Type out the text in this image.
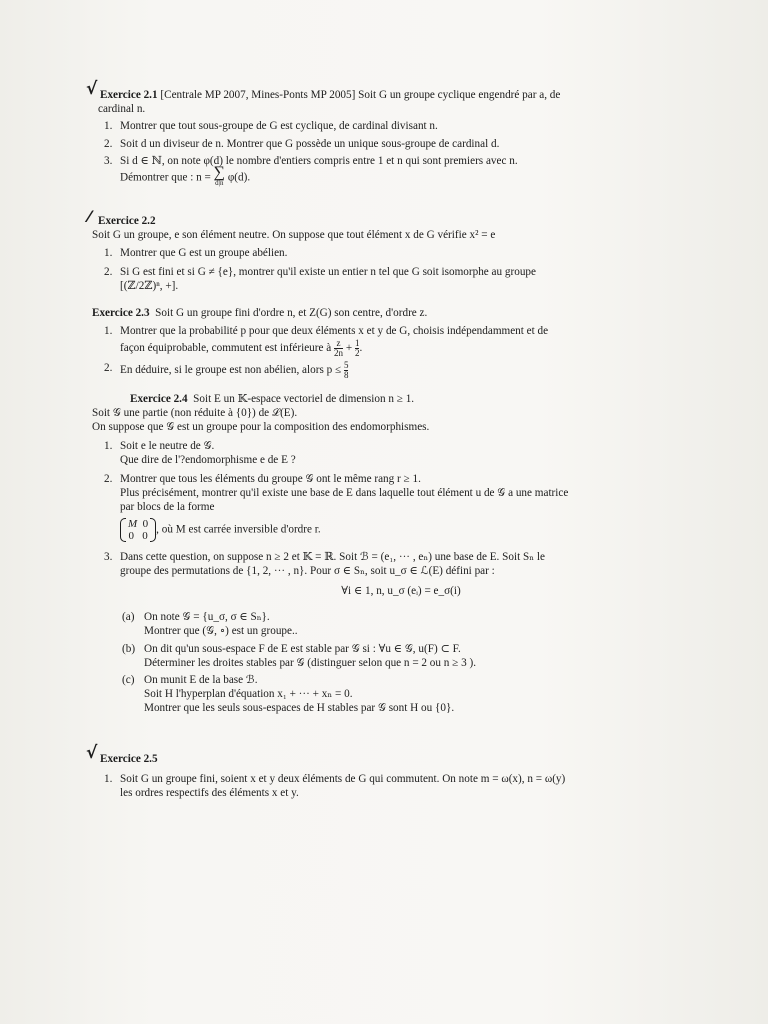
√ Exercice 2.1 [Centrale MP 2007, Mines-Ponts MP 2005] Soit G un groupe cyclique engendré par a, de
cardinal n.
1. Montrer que tout sous-groupe de G est cyclique, de cardinal divisant n.
2. Soit d un diviseur de n. Montrer que G possède un unique sous-groupe de cardinal d.
3. Si d ∈ ℕ, on note φ(d) le nombre d'entiers compris entre 1 et n qui sont premiers avec n.
Démontrer que : n = ∑
d|n φ(d).
⁄ Exercice 2.2
Soit G un groupe, e son élément neutre. On suppose que tout élément x de G vérifie x² = e
1. Montrer que G est un groupe abélien.
2. Si G est fini et si G ≠ {e}, montrer qu'il existe un entier n tel que G soit isomorphe au groupe
[(ℤ/2ℤ)ⁿ, +].
Exercice 2.3 Soit G un groupe fini d'ordre n, et Z(G) son centre, d'ordre z.
1. Montrer que la probabilité p pour que deux éléments x et y de G, choisis indépendamment et de
façon équiprobable, commutent est inférieure à $\frac{z}{2n} + \frac{1}{2}$ .
2. En déduire, si le groupe est non abélien, alors $p \le \frac{5}{8}$
Exercice 2.4 Soit E un 𝕂-espace vectoriel de dimension n ≥ 1.
Soit 𝒢 une partie (non réduite à {0}) de ℒ(E).
On suppose que 𝒢 est un groupe pour la composition des endomorphismes.
1. Soit e le neutre de 𝒢.
Que dire de l'?endomorphisme e de E ?
2. Montrer que tous les éléments du groupe 𝒢 ont le même rang r ≥ 1.
Plus précisément, montrer qu'il existe une base de E dans laquelle tout élément u de 𝒢 a une matrice
par blocs de la forme
M 0
0 0
, où M est carrée inversible d'ordre r.
3. Dans cette question, on suppose n ≥ 2 et 𝕂 = ℝ. Soit ℬ = (e₁, ··· , eₙ) une base de E. Soit Sₙ le
groupe des permutations de {1, 2, ··· , n}. Pour σ ∈ Sₙ, soit u_σ ∈ ℒ(E) défini par :
∀i ∈ 1, n, u_σ (eᵢ) = e_σ(i)
(a) On note 𝒢 = {u_σ, σ ∈ Sₙ}.
Montrer que (𝒢, ∘) est un groupe..
(b) On dit qu'un sous-espace F de E est stable par 𝒢 si : ∀u ∈ 𝒢, u(F) ⊂ F.
Déterminer les droites stables par 𝒢 (distinguer selon que n = 2 ou n ≥ 3 ).
(c) On munit E de la base ℬ.
Soit H l'hyperplan d'équation x₁ + ··· + xₙ = 0.
Montrer que les seuls sous-espaces de H stables par 𝒢 sont H ou {0}.
√ Exercice 2.5
1. Soit G un groupe fini, soient x et y deux éléments de G qui commutent. On note m = ω(x), n = ω(y)
les ordres respectifs des éléments x et y.
